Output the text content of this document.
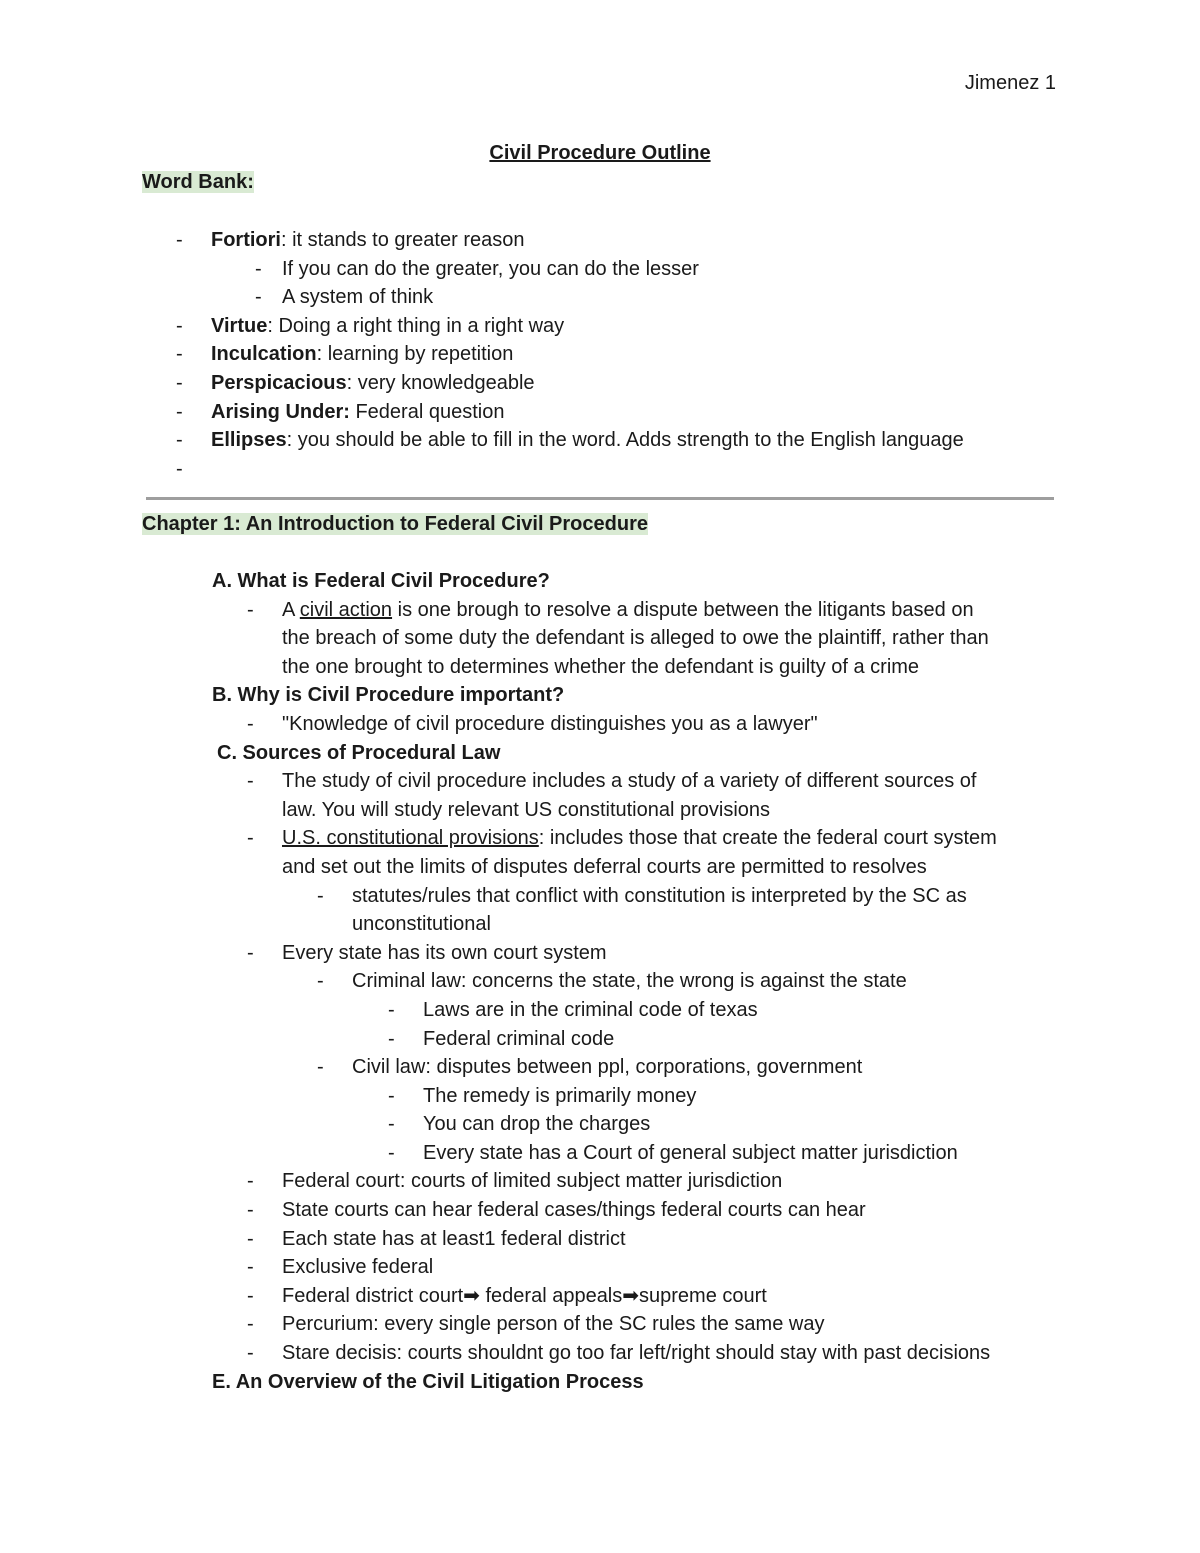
Jimenez 1
Civil Procedure Outline
Word Bank:
- Fortiori: it stands to greater reason
- If you can do the greater, you can do the lesser
- A system of think
- Virtue: Doing a right thing in a right way
- Inculcation: learning by repetition
- Perspicacious: very knowledgeable
- Arising Under: Federal question
- Ellipses: you should be able to fill in the word. Adds strength to the English language
-
Chapter 1: An Introduction to Federal Civil Procedure
A. What is Federal Civil Procedure?
- A civil action is one brough to resolve a dispute between the litigants based on
the breach of some duty the defendant is alleged to owe the plaintiff, rather than
the one brought to determines whether the defendant is guilty of a crime
B. Why is Civil Procedure important?
- "Knowledge of civil procedure distinguishes you as a lawyer"
C. Sources of Procedural Law
- The study of civil procedure includes a study of a variety of different sources of
law. You will study relevant US constitutional provisions
- U.S. constitutional provisions: includes those that create the federal court system
and set out the limits of disputes deferral courts are permitted to resolves
- statutes/rules that conflict with constitution is interpreted by the SC as
unconstitutional
- Every state has its own court system
- Criminal law: concerns the state, the wrong is against the state
- Laws are in the criminal code of texas
- Federal criminal code
- Civil law: disputes between ppl, corporations, government
- The remedy is primarily money
- You can drop the charges
- Every state has a Court of general subject matter jurisdiction
- Federal court: courts of limited subject matter jurisdiction
- State courts can hear federal cases/things federal courts can hear
- Each state has at least1 federal district
- Exclusive federal
- Federal district court➡ federal appeals➡supreme court
- Percurium: every single person of the SC rules the same way
- Stare decisis: courts shouldnt go too far left/right should stay with past decisions
E. An Overview of the Civil Litigation Process
